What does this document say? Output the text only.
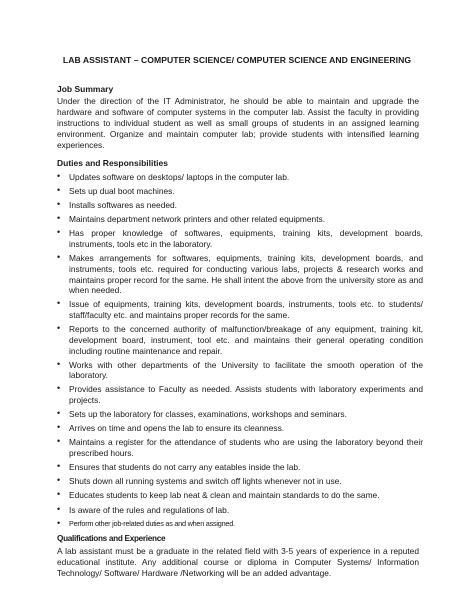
LAB ASSISTANT – COMPUTER SCIENCE/ COMPUTER SCIENCE AND ENGINEERING
Job Summary
Under the direction of the IT Administrator, he should be able to maintain and upgrade the hardware and software of computer systems in the computer lab. Assist the faculty in providing instructions to individual student as well as small groups of students in an assigned learning environment. Organize and maintain computer lab; provide students with intensified learning experiences.
Duties and Responsibilities
• Updates software on desktops/ laptops in the computer lab.
• Sets up dual boot machines.
• Installs softwares as needed.
• Maintains department network printers and other related equipments.
• Has proper knowledge of softwares, equipments, training kits, development boards, instruments, tools etc in the laboratory.
• Makes arrangements for softwares, equipments, training kits, development boards, and instruments, tools etc. required for conducting various labs, projects & research works and maintains proper record for the same. He shall intent the above from the university store as and when needed.
• Issue of equipments, training kits, development boards, instruments, tools etc. to students/ staff/faculty etc. and maintains proper records for the same.
• Reports to the concerned authority of malfunction/breakage of any equipment, training kit, development board, instrument, tool etc. and maintains their general operating condition including routine maintenance and repair.
• Works with other departments of the University to facilitate the smooth operation of the laboratory.
• Provides assistance to Faculty as needed. Assists students with laboratory experiments and projects.
• Sets up the laboratory for classes, examinations, workshops and seminars.
• Arrives on time and opens the lab to ensure its cleanness.
• Maintains a register for the attendance of students who are using the laboratory beyond their prescribed hours.
• Ensures that students do not carry any eatables inside the lab.
• Shuts down all running systems and switch off lights whenever not in use.
• Educates students to keep lab neat & clean and maintain standards to do the same.
• Is aware of the rules and regulations of lab.
• Perform other job-related duties as and when assigned.
Qualifications and Experience
A lab assistant must be a graduate in the related field with 3-5 years of experience in a reputed educational institute. Any additional course or diploma in Computer Systems/ Information Technology/ Software/ Hardware /Networking will be an added advantage.
